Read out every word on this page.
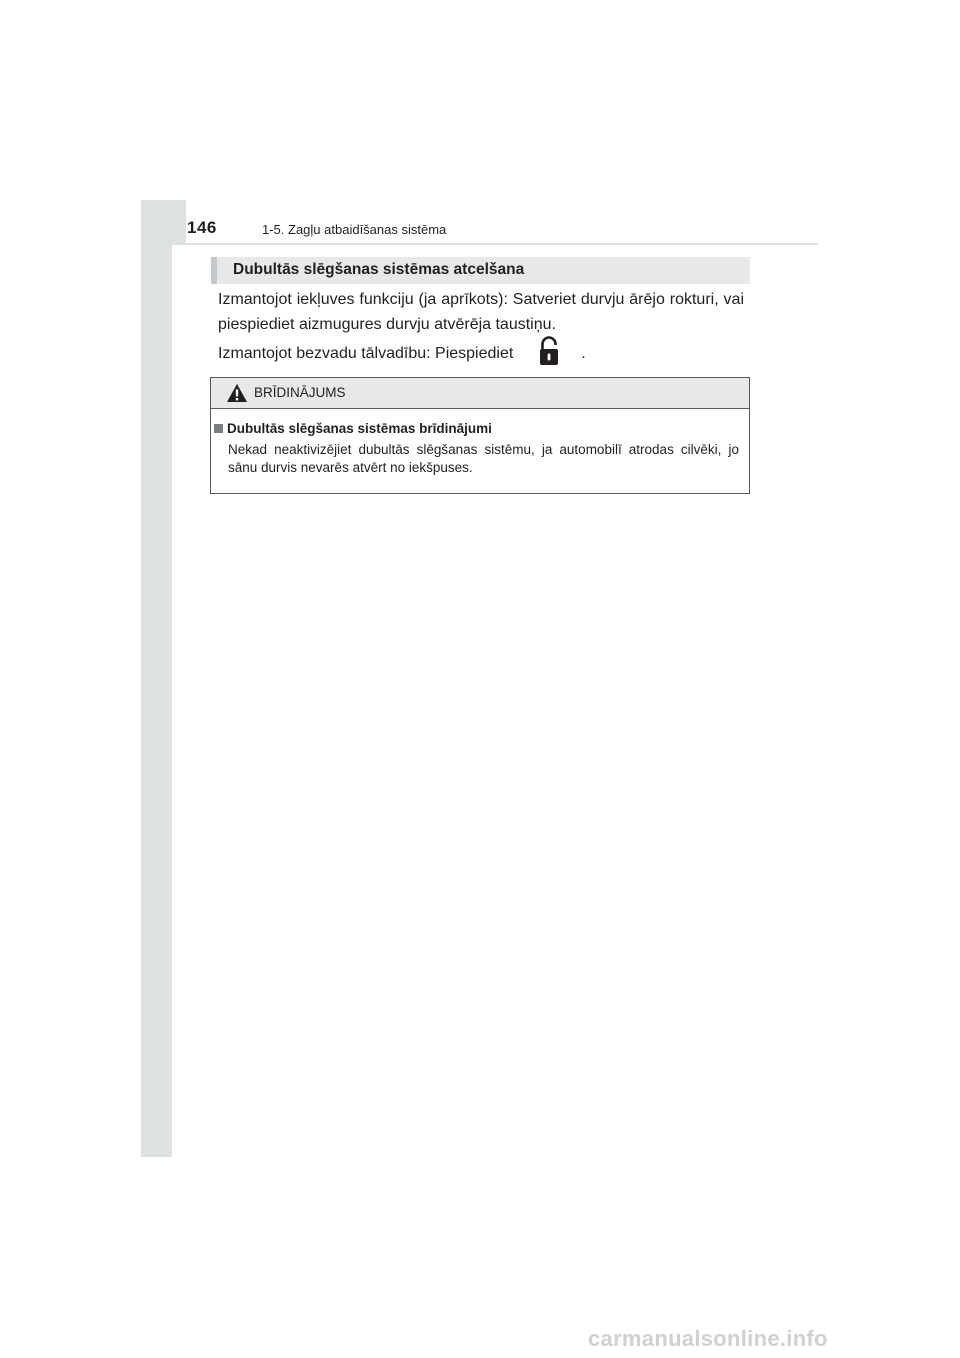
146	1-5. Zagļu atbaidīšanas sistēma
Dubultās slēgšanas sistēmas atcelšana

Izmantojot iekļuves funkciju (ja aprīkots): Satveriet durvju ārējo rokturi, vai piespiediet aizmugures durvju atvērēja taustiņu.

Izmantojot bezvadu tālvadību: Piespiediet	.

BRĪDINĀJUMS
Dubultās slēgšanas sistēmas brīdinājumi

Nekad neaktivizējiet dubultās slēgšanas sistēmu, ja automobilī atrodas cilvēki, jo sānu durvis nevarēs atvērt no iekšpuses.

carmanualsonline.info
